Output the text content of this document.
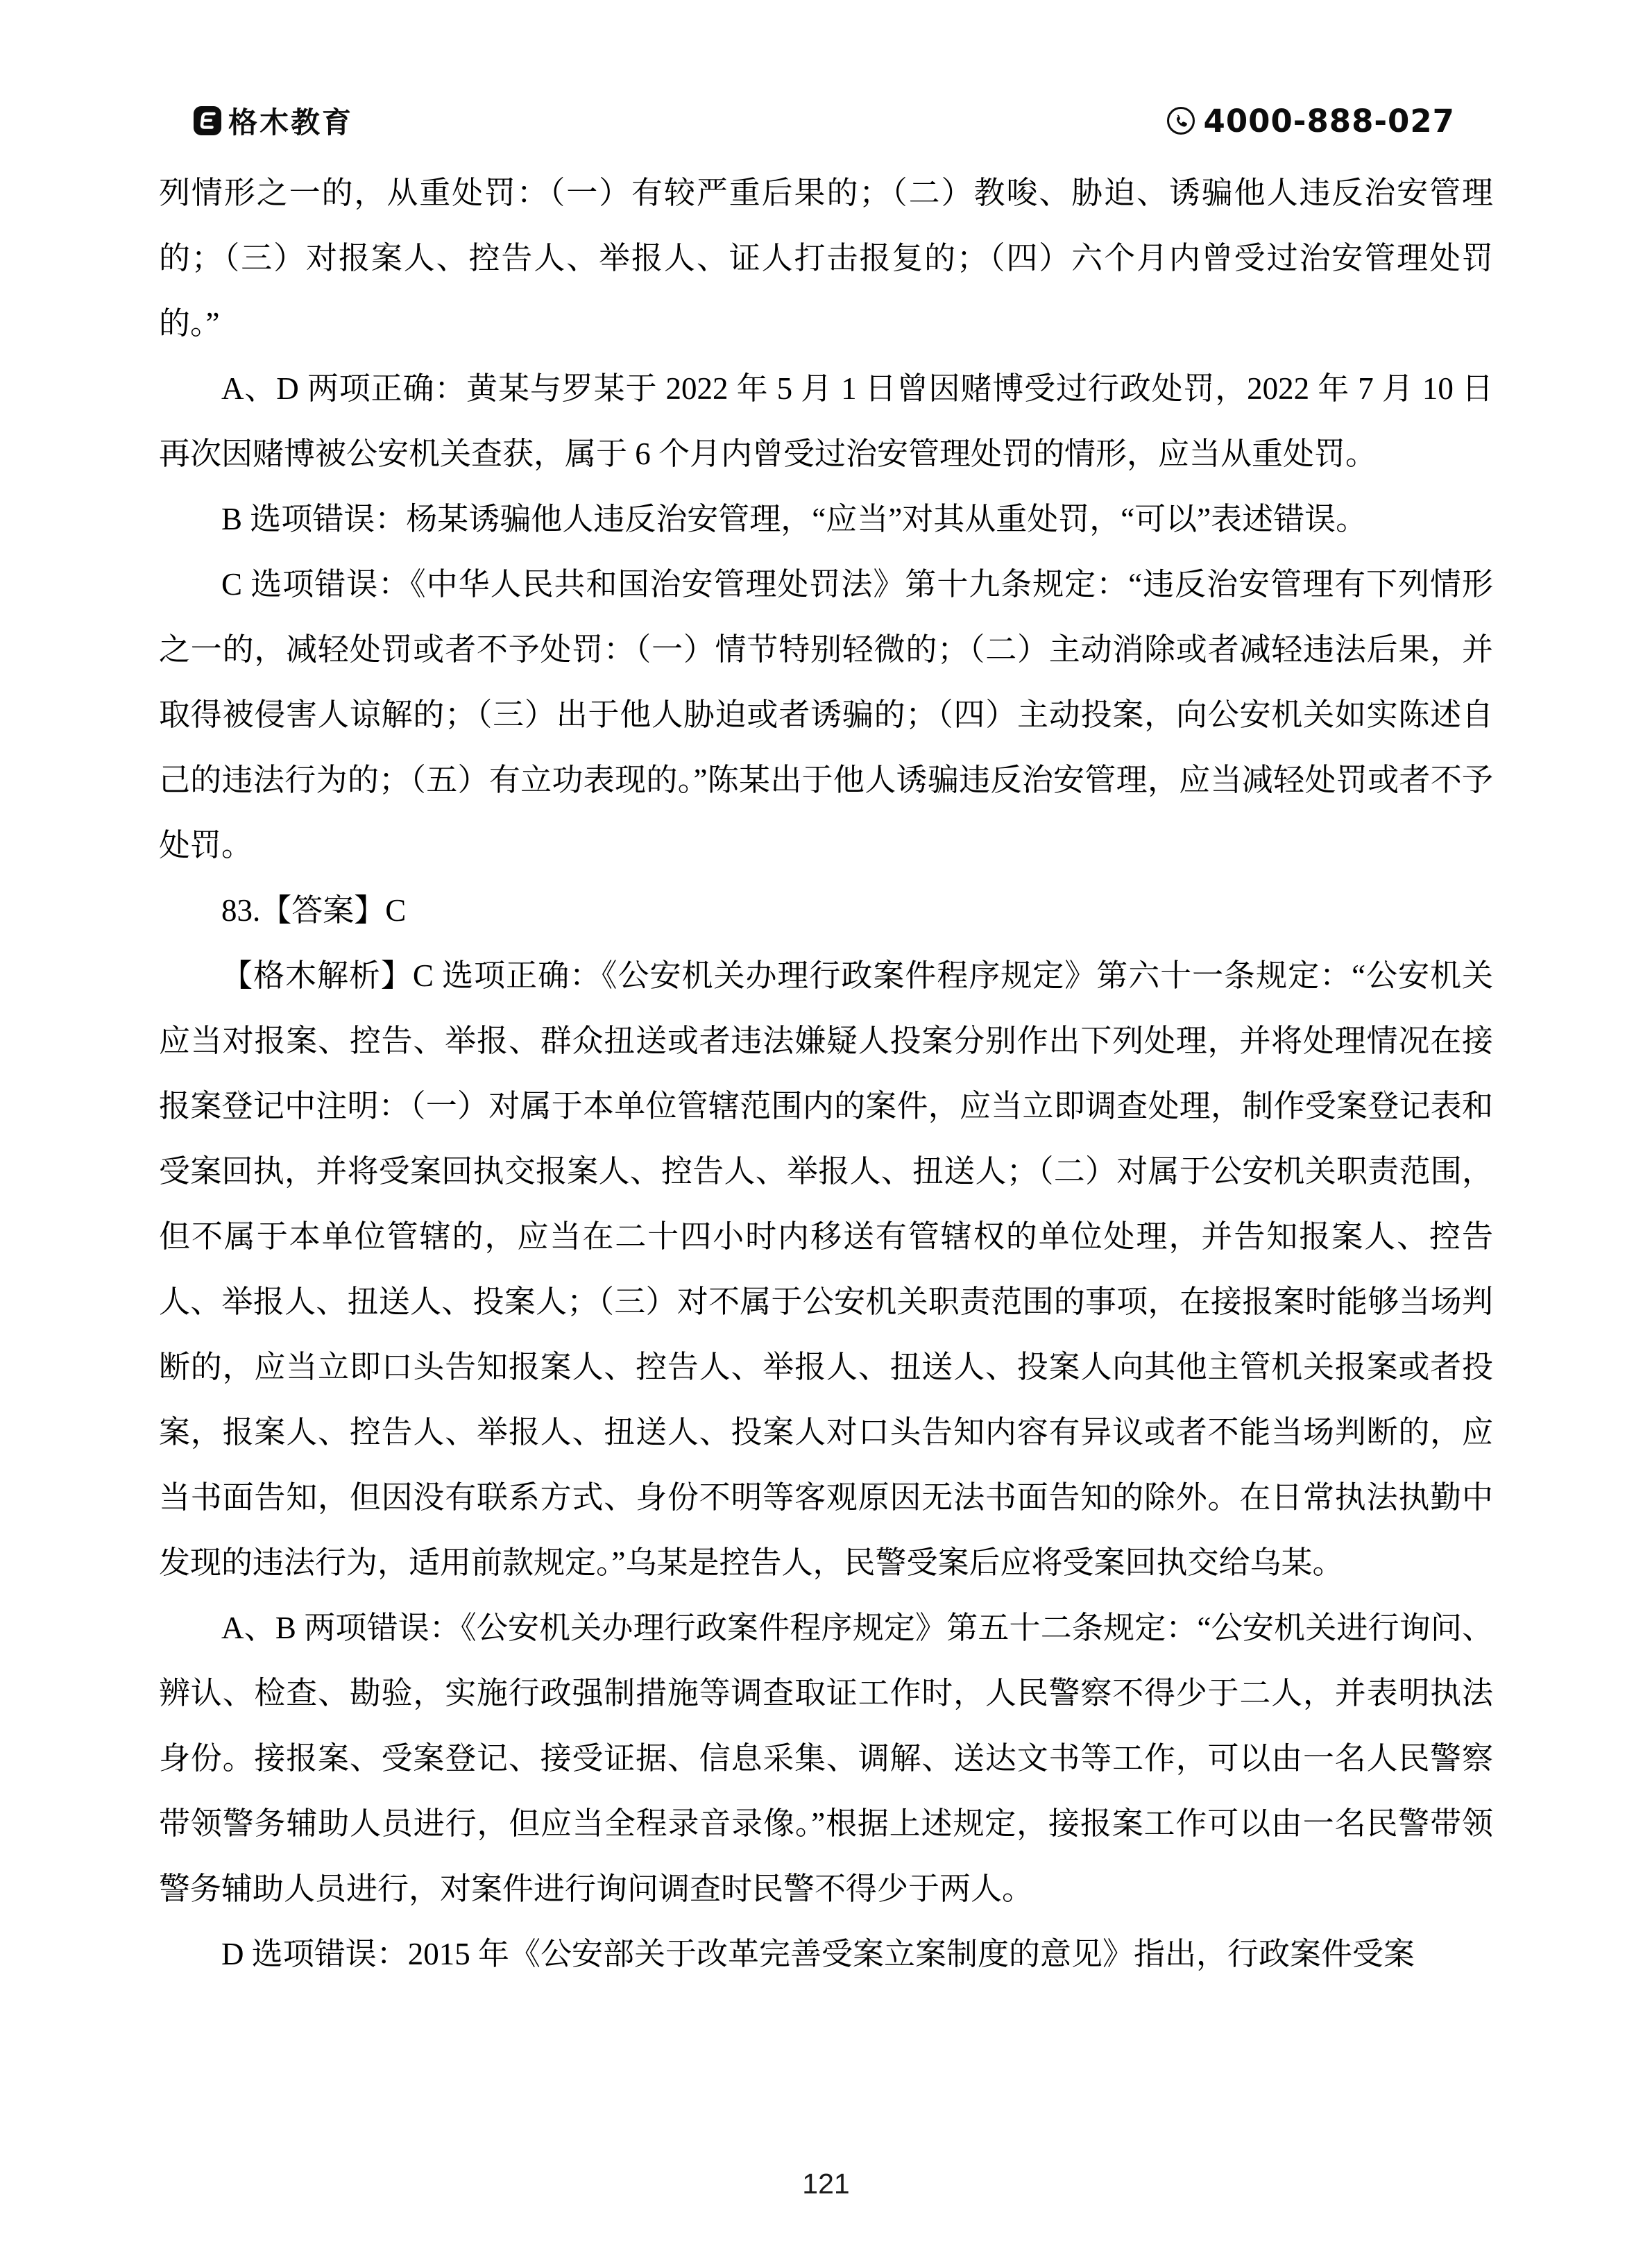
格木教育	4000-888-027

列情形之一的，从重处罚：（一）有较严重后果的；（二）教唆、胁迫、诱骗他人违反治安管理的；（三）对报案人、控告人、举报人、证人打击报复的；（四）六个月内曾受过治安管理处罚的。”

A、D 两项正确：黄某与罗某于 2022 年 5 月 1 日曾因赌博受过行政处罚，2022 年 7 月 10 日再次因赌博被公安机关查获，属于 6 个月内曾受过治安管理处罚的情形，应当从重处罚。

B 选项错误：杨某诱骗他人违反治安管理，“应当”对其从重处罚，“可以”表述错误。

C 选项错误：《中华人民共和国治安管理处罚法》第十九条规定：“违反治安管理有下列情形之一的，减轻处罚或者不予处罚：（一）情节特别轻微的；（二）主动消除或者减轻违法后果，并取得被侵害人谅解的；（三）出于他人胁迫或者诱骗的；（四）主动投案，向公安机关如实陈述自己的违法行为的；（五）有立功表现的。”陈某出于他人诱骗违反治安管理，应当减轻处罚或者不予处罚。

83.【答案】C

【格木解析】C 选项正确：《公安机关办理行政案件程序规定》第六十一条规定：“公安机关应当对报案、控告、举报、群众扭送或者违法嫌疑人投案分别作出下列处理，并将处理情况在接报案登记中注明：（一）对属于本单位管辖范围内的案件，应当立即调查处理，制作受案登记表和受案回执，并将受案回执交报案人、控告人、举报人、扭送人；（二）对属于公安机关职责范围，但不属于本单位管辖的，应当在二十四小时内移送有管辖权的单位处理，并告知报案人、控告人、举报人、扭送人、投案人；（三）对不属于公安机关职责范围的事项，在接报案时能够当场判断的，应当立即口头告知报案人、控告人、举报人、扭送人、投案人向其他主管机关报案或者投案，报案人、控告人、举报人、扭送人、投案人对口头告知内容有异议或者不能当场判断的，应当书面告知，但因没有联系方式、身份不明等客观原因无法书面告知的除外。在日常执法执勤中发现的违法行为，适用前款规定。”乌某是控告人，民警受案后应将受案回执交给乌某。

A、B 两项错误：《公安机关办理行政案件程序规定》第五十二条规定：“公安机关进行询问、辨认、检查、勘验，实施行政强制措施等调查取证工作时，人民警察不得少于二人，并表明执法身份。接报案、受案登记、接受证据、信息采集、调解、送达文书等工作，可以由一名人民警察带领警务辅助人员进行，但应当全程录音录像。”根据上述规定，接报案工作可以由一名民警带领警务辅助人员进行，对案件进行询问调查时民警不得少于两人。

D 选项错误：2015 年《公安部关于改革完善受案立案制度的意见》指出，行政案件受案

121
